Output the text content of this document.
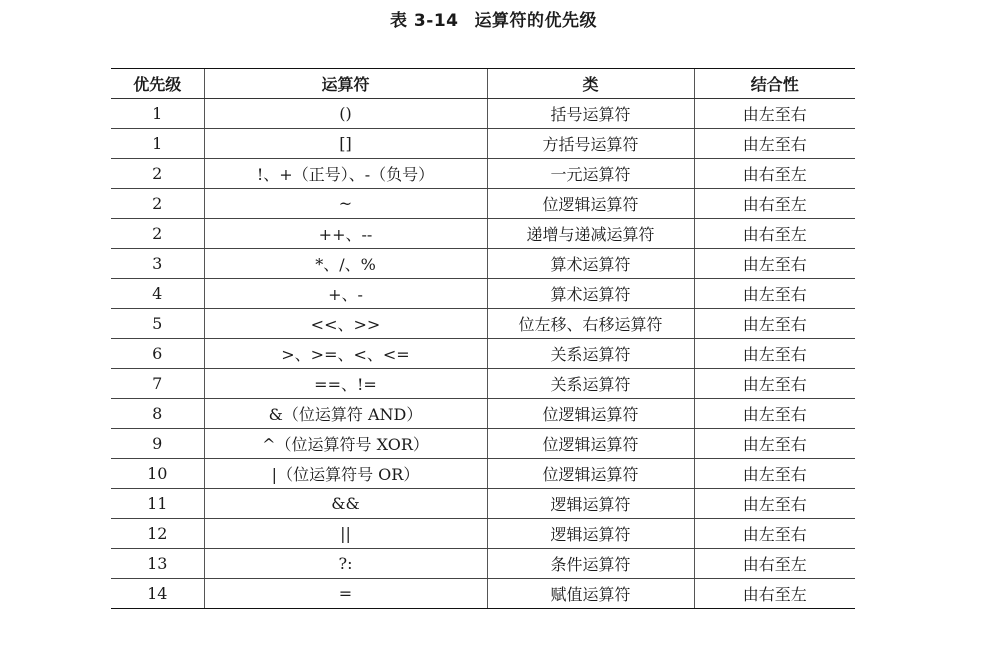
表 3-14 运算符的优先级
优先级	运算符	类	结合性
1	()	括号运算符	由左至右
1	[]	方括号运算符	由左至右
2	!、+（正号）、-（负号）	一元运算符	由右至左
2	~	位逻辑运算符	由右至左
2	++、--	递增与递减运算符	由右至左
3	*、/、%	算术运算符	由左至右
4	+、-	算术运算符	由左至右
5	<<、>>	位左移、右移运算符	由左至右
6	>、>=、<、<=	关系运算符	由左至右
7	==、!=	关系运算符	由左至右
8	&（位运算符 AND）	位逻辑运算符	由左至右
9	^（位运算符号 XOR）	位逻辑运算符	由左至右
10	|（位运算符号 OR）	位逻辑运算符	由左至右
11	&&	逻辑运算符	由左至右
12	||	逻辑运算符	由左至右
13	?:	条件运算符	由右至左
14	=	赋值运算符	由右至左
